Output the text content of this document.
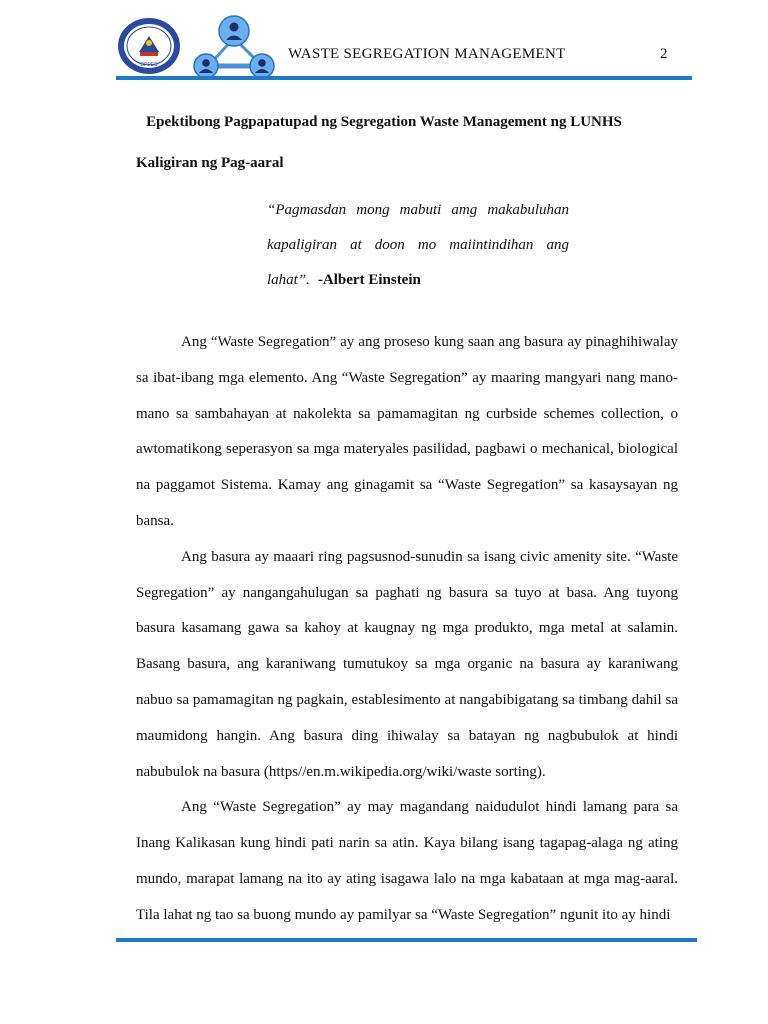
DPPES
WASTE SEGREGATION MANAGEMENT	2
Epektibong Pagpapatupad ng Segregation Waste Management ng LUNHS
Kaligiran ng Pag-aaral
“Pagmasdan mong mabuti amg makabuluhan
kapaligiran at doon mo maiintindihan ang
lahat”. -Albert Einstein

Ang “Waste Segregation” ay ang proseso kung saan ang basura ay pinaghihiwalay sa ibat-ibang mga elemento. Ang “Waste Segregation” ay maaring mangyari nang mano-mano sa sambahayan at nakolekta sa pamamagitan ng curbside schemes collection, o awtomatikong seperasyon sa mga materyales pasilidad, pagbawi o mechanical, biological na paggamot Sistema. Kamay ang ginagamit sa “Waste Segregation” sa kasaysayan ng bansa.

Ang basura ay maaari ring pagsusnod-sunudin sa isang civic amenity site. “Waste Segregation” ay nangangahulugan sa paghati ng basura sa tuyo at basa. Ang tuyong basura kasamang gawa sa kahoy at kaugnay ng mga produkto, mga metal at salamin. Basang basura, ang karaniwang tumutukoy sa mga organic na basura ay karaniwang nabuo sa pamamagitan ng pagkain, establesimento at nangabibigatang sa timbang dahil sa maumidong hangin. Ang basura ding ihiwalay sa batayan ng nagbubulok at hindi nabubulok na basura (https//en.m.wikipedia.org/wiki/waste sorting).

Ang “Waste Segregation” ay may magandang naidudulot hindi lamang para sa Inang Kalikasan kung hindi pati narin sa atin. Kaya bilang isang tagapag-alaga ng ating mundo, marapat lamang na ito ay ating isagawa lalo na mga kabataan at mga mag-aaral. Tila lahat ng tao sa buong mundo ay pamilyar sa “Waste Segregation” ngunit ito ay hindi
